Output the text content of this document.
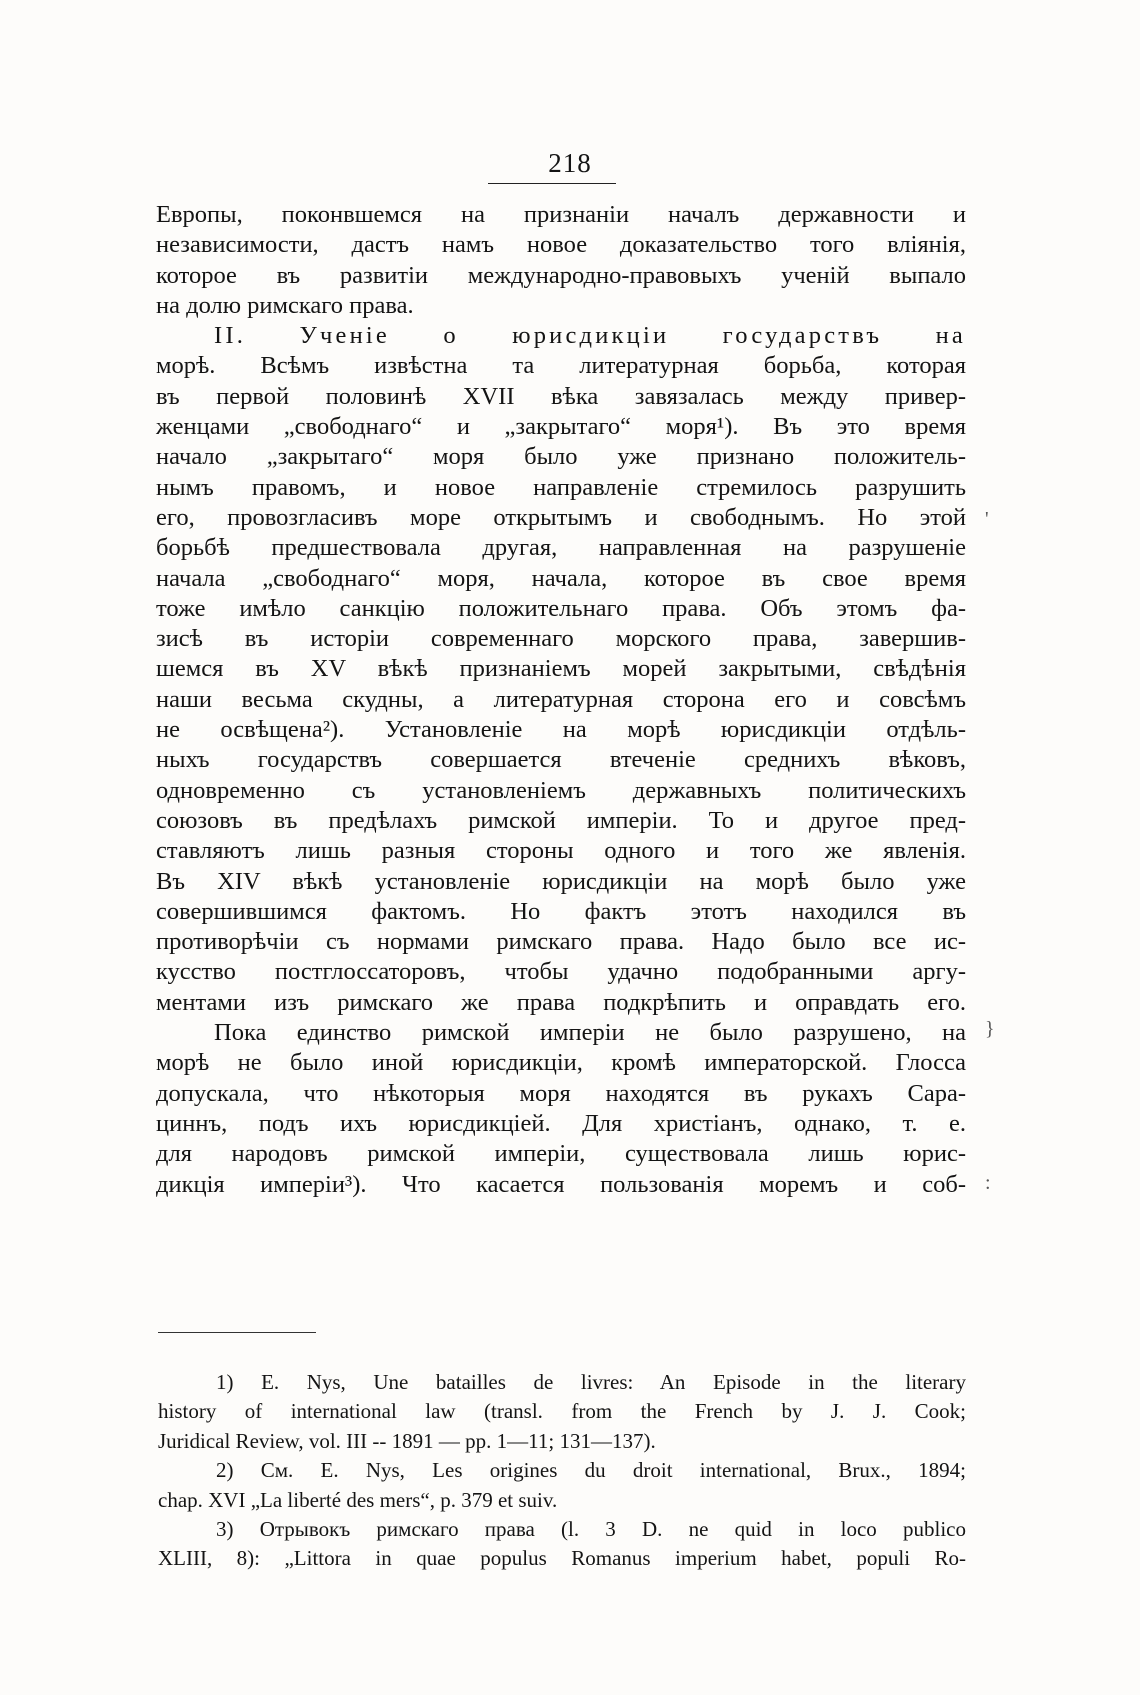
218
Европы, поконвшемся на признаніи началъ державности и
независимости, дастъ намъ новое доказательство того вліянія,
которое въ развитіи международно-правовыхъ ученій выпало
на долю римскаго права.
II. Ученіе о юрисдикціи государствъ на
морѣ. Всѣмъ извѣстна та литературная борьба, которая
въ первой половинѣ XVII вѣка завязалась между привер-
женцами „свободнаго“ и „закрытаго“ моря¹). Въ это время
начало „закрытаго“ моря было уже признано положитель-
нымъ правомъ, и новое направленіе стремилось разрушить
его, провозгласивъ море открытымъ и свободнымъ. Но этой
борьбѣ предшествовала другая, направленная на разрушеніе
начала „свободнаго“ моря, начала, которое въ свое время
тоже имѣло санкцію положительнаго права. Объ этомъ фа-
зисѣ въ исторіи современнаго морского права, завершив-
шемся въ XV вѣкѣ признаніемъ морей закрытыми, свѣдѣнія
наши весьма скудны, а литературная сторона его и совсѣмъ
не освѣщена²). Установленіе на морѣ юрисдикціи отдѣль-
ныхъ государствъ совершается втеченіе среднихъ вѣковъ,
одновременно съ установленіемъ державныхъ политическихъ
союзовъ въ предѣлахъ римской имперіи. То и другое пред-
ставляютъ лишь разныя стороны одного и того же явленія.
Въ XIV вѣкѣ установленіе юрисдикціи на морѣ было уже
совершившимся фактомъ. Но фактъ этотъ находился въ
противорѣчіи съ нормами римскаго права. Надо было все ис-
кусство постглоссаторовъ, чтобы удачно подобранными аргу-
ментами изъ римскаго же права подкрѣпить и оправдать его.
Пока единство римской имперіи не было разрушено, на
морѣ не было иной юрисдикціи, кромѣ императорской. Глосса
допускала, что нѣкоторыя моря находятся въ рукахъ Сара-
циннъ, подъ ихъ юрисдикціей. Для христіанъ, однако, т. е.
для народовъ римской имперіи, существовала лишь юрис-
дикція имперіи³). Что касается пользованія моремъ и соб-
1) E. Nys, Une batailles de livres: An Episode in the literary
history of international law (transl. from the French by J. J. Cook;
Juridical Review, vol. III -- 1891 — pp. 1—11; 131—137).
2) См. E. Nys, Les origines du droit international, Brux., 1894;
chap. XVI „La liberté des mers“, p. 379 et suiv.
3) Отрывокъ римскаго права (l. 3 D. ne quid in loco publico
XLIII, 8): „Littora in quae populus Romanus imperium habet, populi Ro-
'
}
:
